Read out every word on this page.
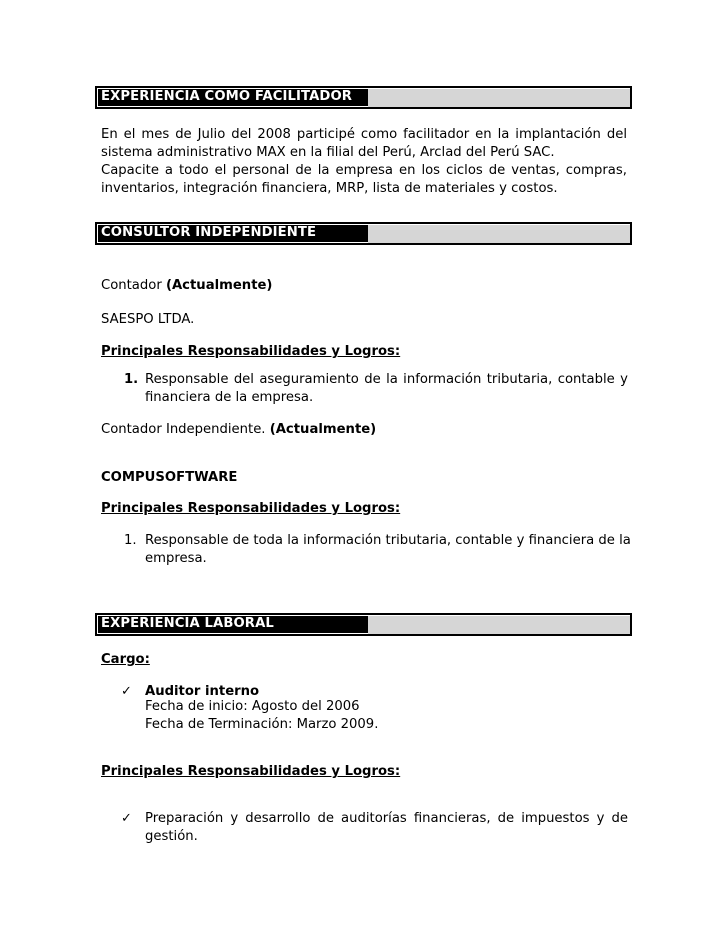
EXPERIENCIA COMO FACILITADOR
En el mes de Julio del 2008 participé como facilitador en la implantación del
sistema administrativo MAX en la filial del Perú, Arclad del Perú SAC.
Capacite a todo el personal de la empresa en los ciclos de ventas, compras,
inventarios, integración financiera, MRP, lista de materiales y costos.
CONSULTOR INDEPENDIENTE
Contador (Actualmente)
SAESPO LTDA.
Principales Responsabilidades y Logros:
1. Responsable del aseguramiento de la información tributaria, contable y
financiera de la empresa.
Contador Independiente. (Actualmente)
COMPUSOFTWARE
Principales Responsabilidades y Logros:
1. Responsable de toda la información tributaria, contable y financiera de la
empresa.
EXPERIENCIA LABORAL
Cargo:
✓ Auditor interno
Fecha de inicio: Agosto del 2006
Fecha de Terminación: Marzo 2009.
Principales Responsabilidades y Logros:
✓ Preparación y desarrollo de auditorías financieras, de impuestos y de
gestión.
